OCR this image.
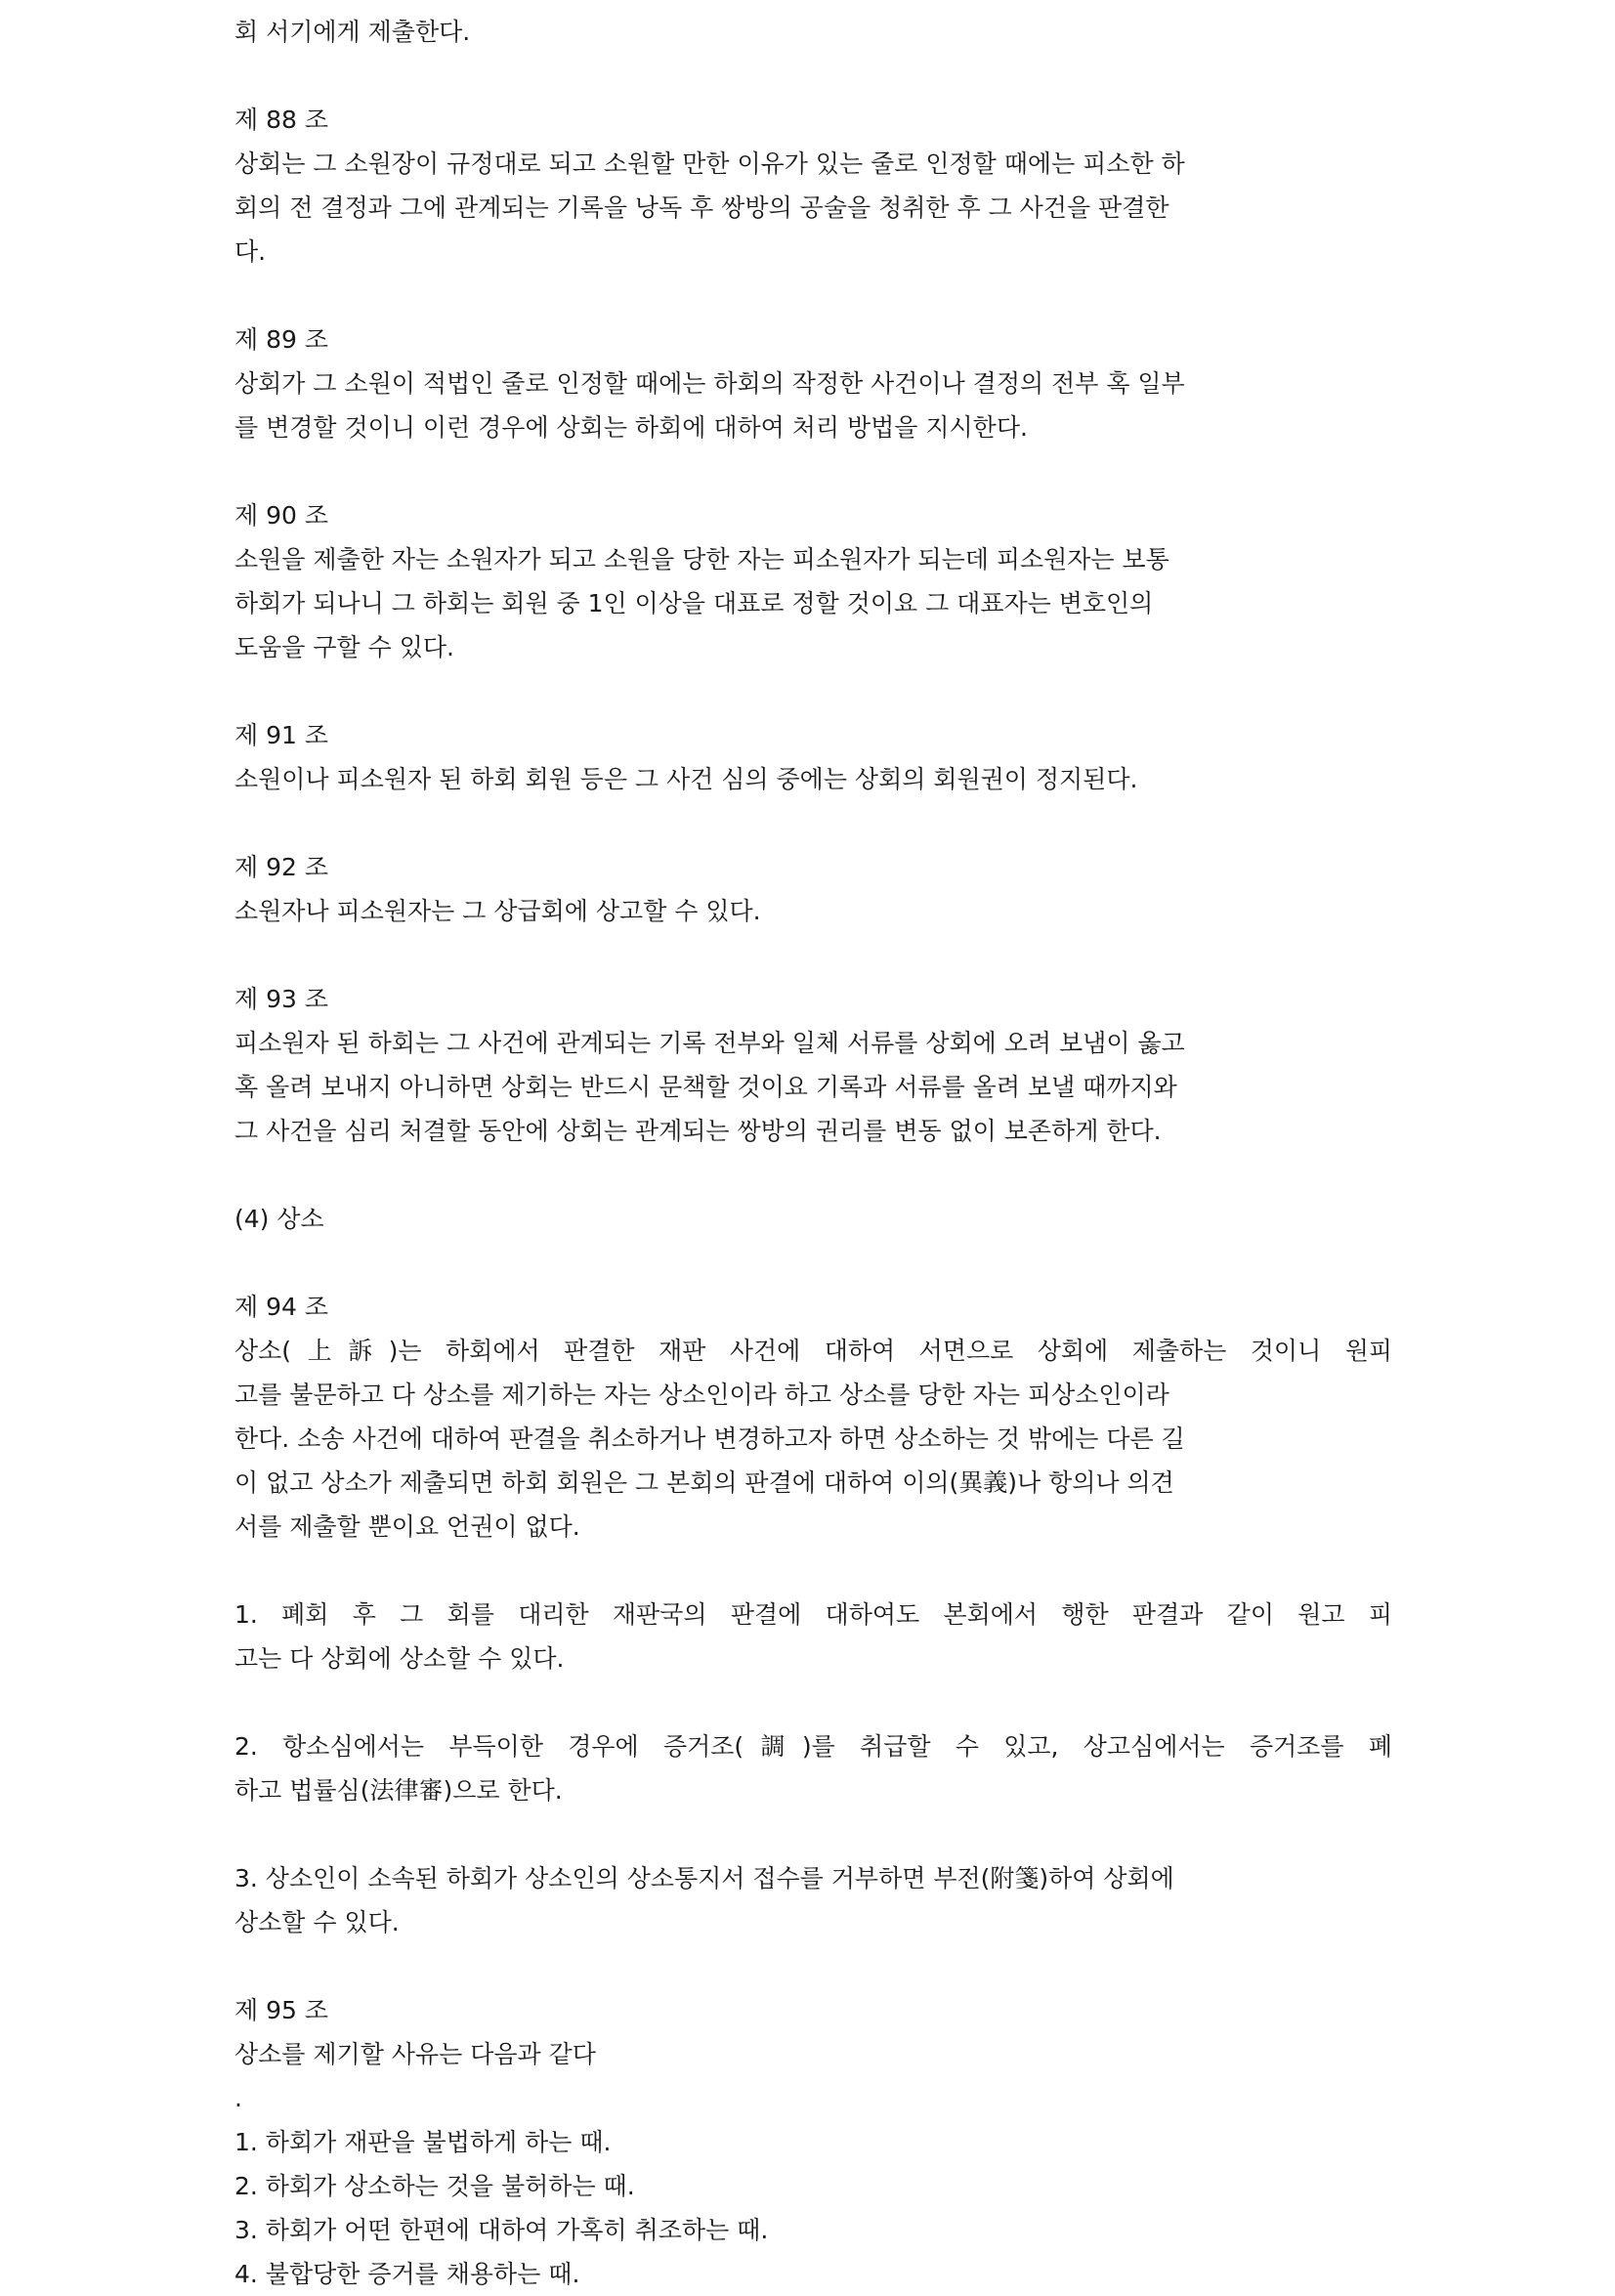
회 서기에게 제출한다.
제 88 조
상회는 그 소원장이 규정대로 되고 소원할 만한 이유가 있는 줄로 인정할 때에는 피소한 하
회의 전 결정과 그에 관계되는 기록을 낭독 후 쌍방의 공술을 청취한 후 그 사건을 판결한
다.
제 89 조
상회가 그 소원이 적법인 줄로 인정할 때에는 하회의 작정한 사건이나 결정의 전부 혹 일부
를 변경할 것이니 이런 경우에 상회는 하회에 대하여 처리 방법을 지시한다.
제 90 조
소원을 제출한 자는 소원자가 되고 소원을 당한 자는 피소원자가 되는데 피소원자는 보통
하회가 되나니 그 하회는 회원 중 1인 이상을 대표로 정할 것이요 그 대표자는 변호인의
도움을 구할 수 있다.
제 91 조
소원이나 피소원자 된 하회 회원 등은 그 사건 심의 중에는 상회의 회원권이 정지된다.
제 92 조
소원자나 피소원자는 그 상급회에 상고할 수 있다.
제 93 조
피소원자 된 하회는 그 사건에 관계되는 기록 전부와 일체 서류를 상회에 오려 보냄이 옳고
혹 올려 보내지 아니하면 상회는 반드시 문책할 것이요 기록과 서류를 올려 보낼 때까지와
그 사건을 심리 처결할 동안에 상회는 관계되는 쌍방의 권리를 변동 없이 보존하게 한다.
(4) 상소
제 94 조
상소(上訴)는 하회에서 판결한 재판 사건에 대하여 서면으로 상회에 제출하는 것이니 원피
고를 불문하고 다 상소를 제기하는 자는 상소인이라 하고 상소를 당한 자는 피상소인이라
한다. 소송 사건에 대하여 판결을 취소하거나 변경하고자 하면 상소하는 것 밖에는 다른 길
이 없고 상소가 제출되면 하회 회원은 그 본회의 판결에 대하여 이의(異義)나 항의나 의견
서를 제출할 뿐이요 언권이 없다.
1. 폐회 후 그 회를 대리한 재판국의 판결에 대하여도 본회에서 행한 판결과 같이 원고 피
고는 다 상회에 상소할 수 있다.
2. 항소심에서는 부득이한 경우에 증거조(調)를 취급할 수 있고, 상고심에서는 증거조를 폐
하고 법률심(法律審)으로 한다.
3. 상소인이 소속된 하회가 상소인의 상소통지서 접수를 거부하면 부전(附箋)하여 상회에
상소할 수 있다.
제 95 조
상소를 제기할 사유는 다음과 같다
.
1. 하회가 재판을 불법하게 하는 때.
2. 하회가 상소하는 것을 불허하는 때.
3. 하회가 어떤 한편에 대하여 가혹히 취조하는 때.
4. 불합당한 증거를 채용하는 때.
